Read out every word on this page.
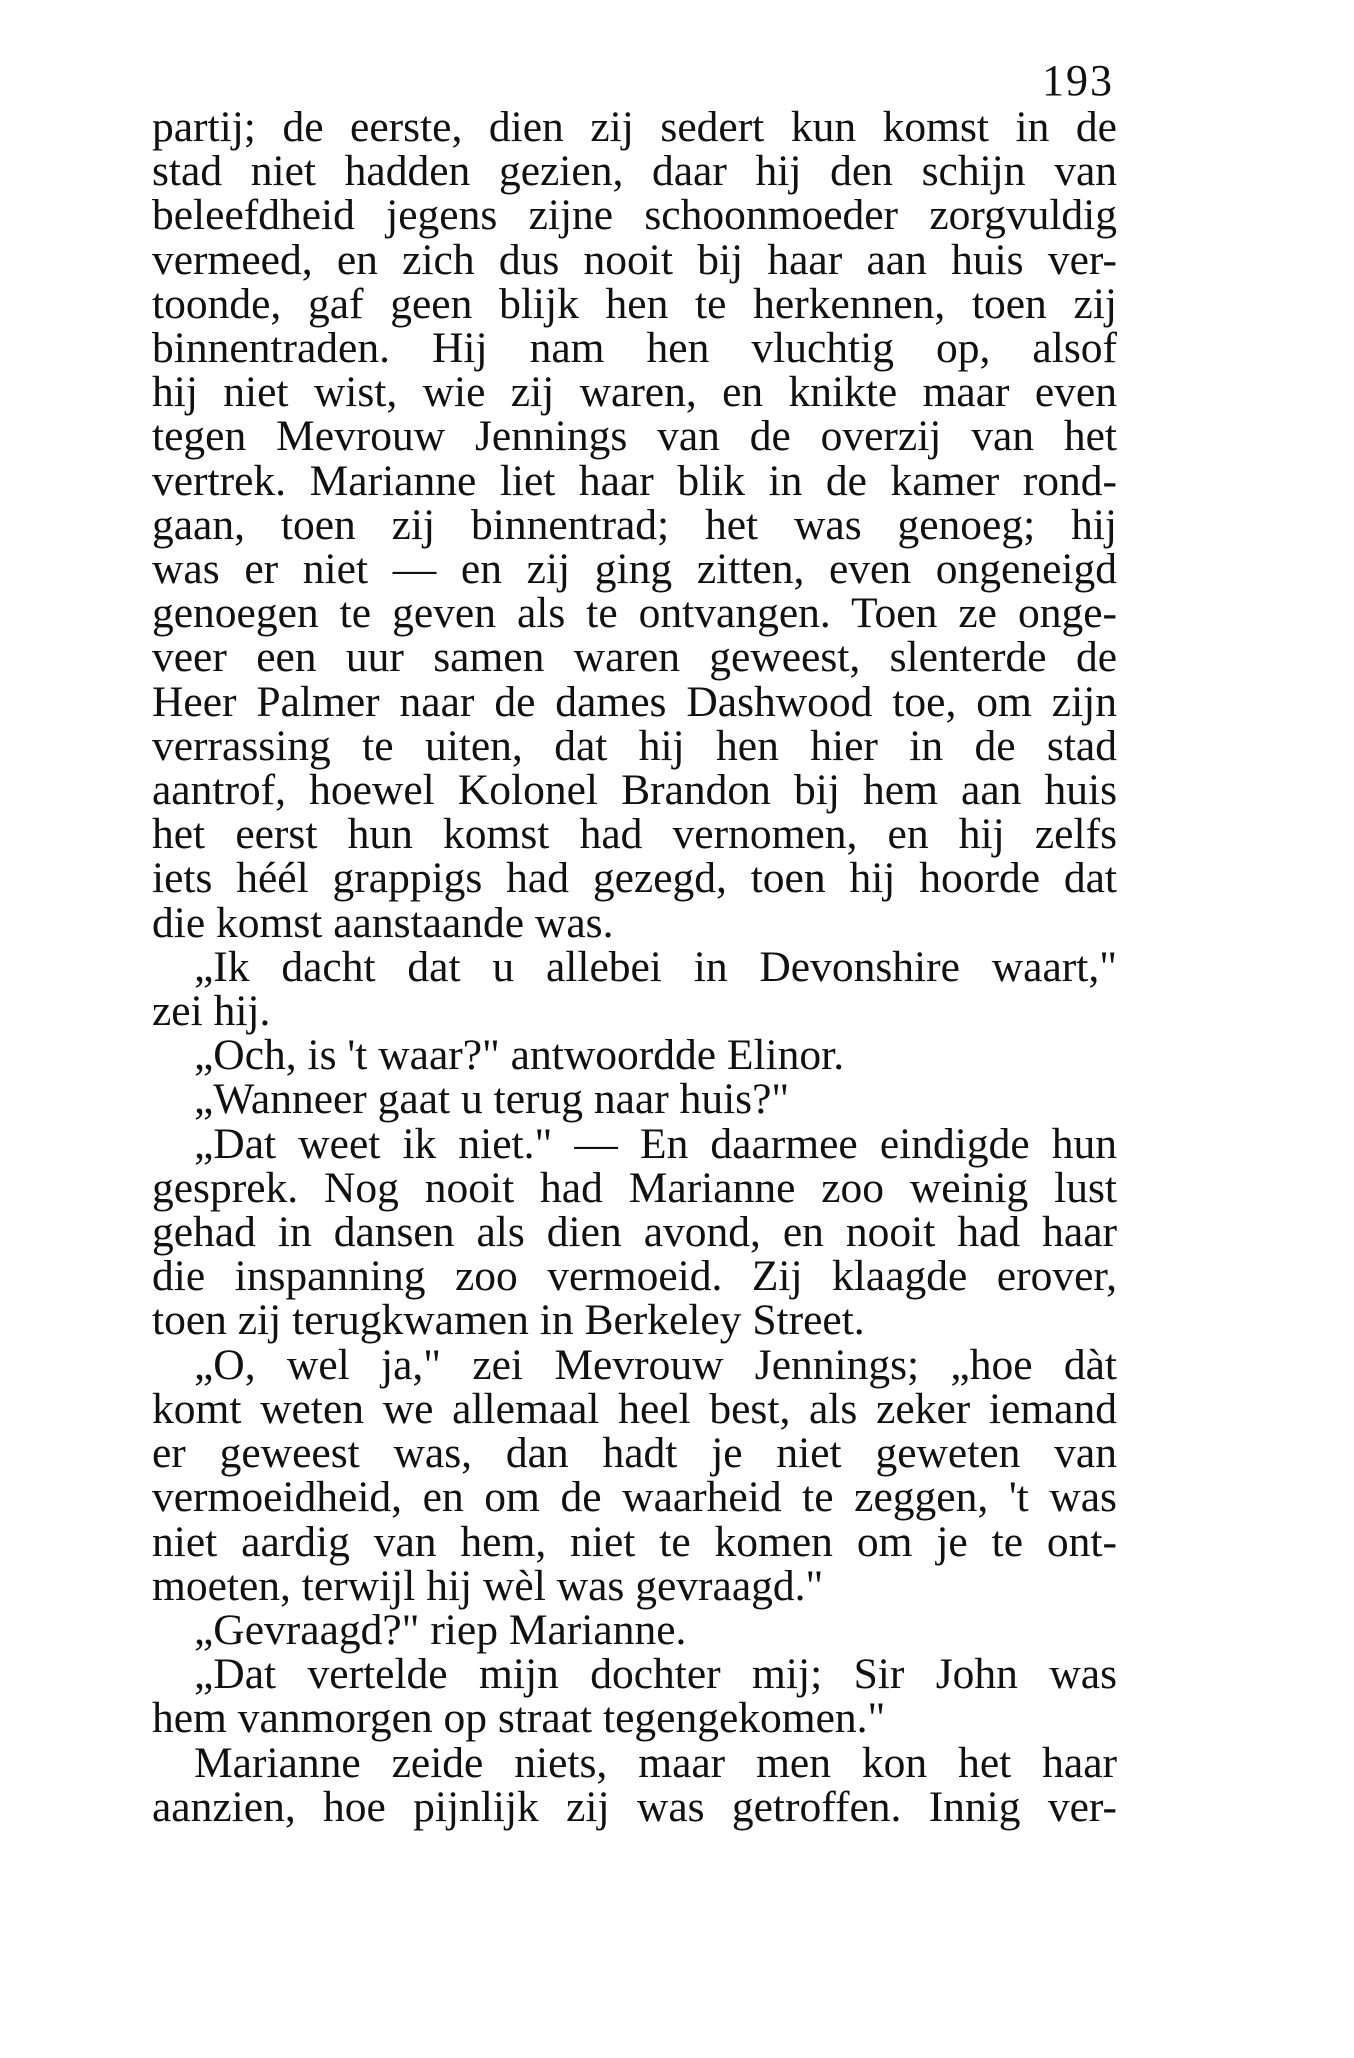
193
partij; de eerste, dien zij sedert kun komst in de
stad niet hadden gezien, daar hij den schijn van
beleefdheid jegens zijne schoonmoeder zorgvuldig
vermeed, en zich dus nooit bij haar aan huis ver-
toonde, gaf geen blijk hen te herkennen, toen zij
binnentraden. Hij nam hen vluchtig op, alsof
hij niet wist, wie zij waren, en knikte maar even
tegen Mevrouw Jennings van de overzij van het
vertrek. Marianne liet haar blik in de kamer rond-
gaan, toen zij binnentrad; het was genoeg; hij
was er niet — en zij ging zitten, even ongeneigd
genoegen te geven als te ontvangen. Toen ze onge-
veer een uur samen waren geweest, slenterde de
Heer Palmer naar de dames Dashwood toe, om zijn
verrassing te uiten, dat hij hen hier in de stad
aantrof, hoewel Kolonel Brandon bij hem aan huis
het eerst hun komst had vernomen, en hij zelfs
iets héél grappigs had gezegd, toen hij hoorde dat
die komst aanstaande was.
„Ik dacht dat u allebei in Devonshire waart,"
zei hij.
„Och, is 't waar?" antwoordde Elinor.
„Wanneer gaat u terug naar huis?"
„Dat weet ik niet." — En daarmee eindigde hun
gesprek. Nog nooit had Marianne zoo weinig lust
gehad in dansen als dien avond, en nooit had haar
die inspanning zoo vermoeid. Zij klaagde erover,
toen zij terugkwamen in Berkeley Street.
„O, wel ja," zei Mevrouw Jennings; „hoe dàt
komt weten we allemaal heel best, als zeker iemand
er geweest was, dan hadt je niet geweten van
vermoeidheid, en om de waarheid te zeggen, 't was
niet aardig van hem, niet te komen om je te ont-
moeten, terwijl hij wèl was gevraagd."
„Gevraagd?" riep Marianne.
„Dat vertelde mijn dochter mij; Sir John was
hem vanmorgen op straat tegengekomen."
Marianne zeide niets, maar men kon het haar
aanzien, hoe pijnlijk zij was getroffen. Innig ver-
